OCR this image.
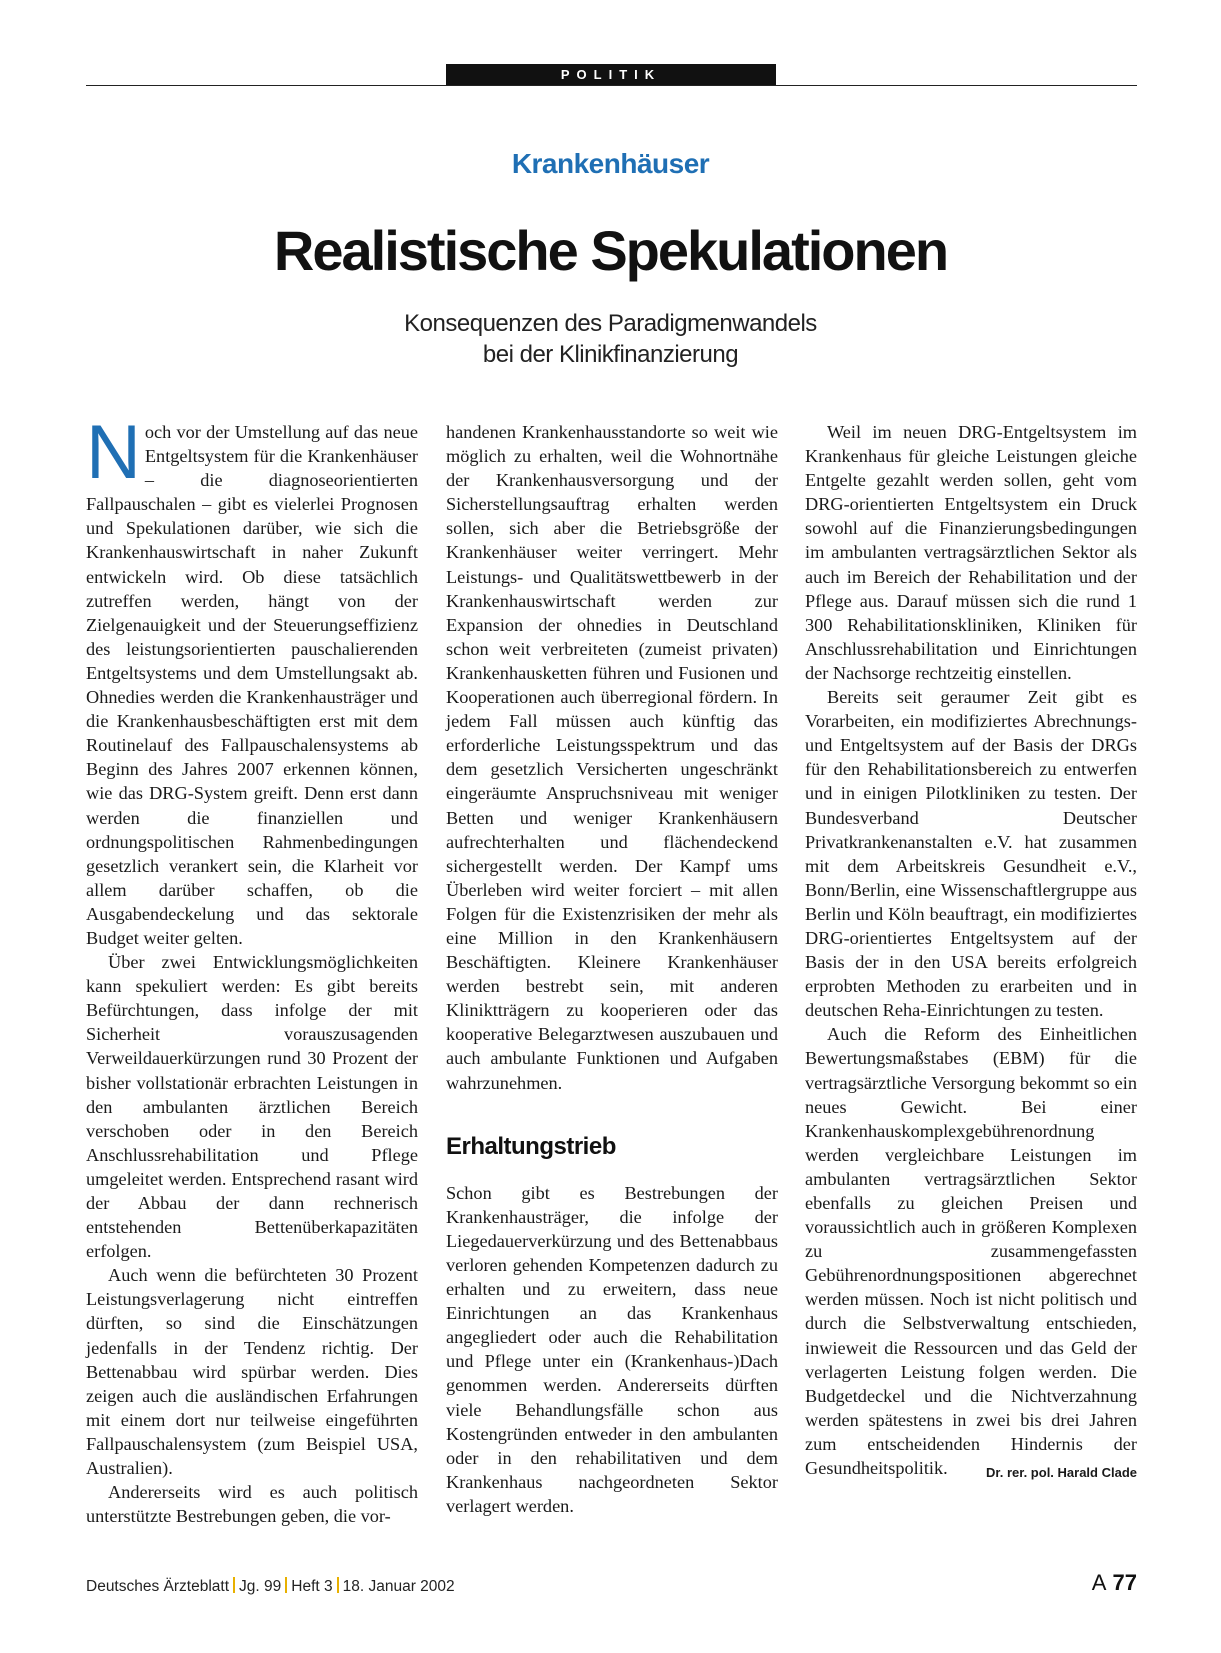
POLITIK
Krankenhäuser
Realistische Spekulationen
Konsequenzen des Paradigmenwandels
bei der Klinikfinanzierung

Noch vor der Umstellung auf das neue Entgeltsystem für die Krankenhäuser – die diagnoseorientierten Fallpauschalen – gibt es vielerlei Prognosen und Spekulationen darüber, wie sich die Krankenhauswirtschaft in naher Zukunft entwickeln wird. Ob diese tatsächlich zutreffen werden, hängt von der Zielgenauigkeit und der Steuerungseffizienz des leistungsorientierten pauschalierenden Entgeltsystems und dem Umstellungsakt ab. Ohnedies werden die Krankenhausträger und die Krankenhausbeschäftigten erst mit dem Routinelauf des Fallpauschalensystems ab Beginn des Jahres 2007 erkennen können, wie das DRG-System greift. Denn erst dann werden die finanziellen und ordnungspolitischen Rahmenbedingungen gesetzlich verankert sein, die Klarheit vor allem darüber schaffen, ob die Ausgabendeckelung und das sektorale Budget weiter gelten.

Über zwei Entwicklungsmöglichkeiten kann spekuliert werden: Es gibt bereits Befürchtungen, dass infolge der mit Sicherheit vorauszusagenden Verweildauerkürzungen rund 30 Prozent der bisher vollstationär erbrachten Leistungen in den ambulanten ärztlichen Bereich verschoben oder in den Bereich Anschlussrehabilitation und Pflege umgeleitet werden. Entsprechend rasant wird der Abbau der dann rechnerisch entstehenden Bettenüberkapazitäten erfolgen.

Auch wenn die befürchteten 30 Prozent Leistungsverlagerung nicht eintreffen dürften, so sind die Einschätzungen jedenfalls in der Tendenz richtig. Der Bettenabbau wird spürbar werden. Dies zeigen auch die ausländischen Erfahrungen mit einem dort nur teilweise eingeführten Fallpauschalensystem (zum Beispiel USA, Australien).

Andererseits wird es auch politisch unterstützte Bestrebungen geben, die vor-

handenen Krankenhausstandorte so weit wie möglich zu erhalten, weil die Wohnortnähe der Krankenhausversorgung und der Sicherstellungsauftrag erhalten werden sollen, sich aber die Betriebsgröße der Krankenhäuser weiter verringert. Mehr Leistungs- und Qualitätswettbewerb in der Krankenhauswirtschaft werden zur Expansion der ohnedies in Deutschland schon weit verbreiteten (zumeist privaten) Krankenhausketten führen und Fusionen und Kooperationen auch überregional fördern. In jedem Fall müssen auch künftig das erforderliche Leistungsspektrum und das dem gesetzlich Versicherten ungeschränkt eingeräumte Anspruchsniveau mit weniger Betten und weniger Krankenhäusern aufrechterhalten und flächendeckend sichergestellt werden. Der Kampf ums Überleben wird weiter forciert – mit allen Folgen für die Existenzrisiken der mehr als eine Million in den Krankenhäusern Beschäftigten. Kleinere Krankenhäuser werden bestrebt sein, mit anderen Kliniktträgern zu kooperieren oder das kooperative Belegarztwesen auszubauen und auch ambulante Funktionen und Aufgaben wahrzunehmen.

Erhaltungstrieb

Schon gibt es Bestrebungen der Krankenhausträger, die infolge der Liegedauerverkürzung und des Bettenabbaus verloren gehenden Kompetenzen dadurch zu erhalten und zu erweitern, dass neue Einrichtungen an das Krankenhaus angegliedert oder auch die Rehabilitation und Pflege unter ein (Krankenhaus-)Dach genommen werden. Andererseits dürften viele Behandlungsfälle schon aus Kostengründen entweder in den ambulanten oder in den rehabilitativen und dem Krankenhaus nachgeordneten Sektor verlagert werden.

Weil im neuen DRG-Entgeltsystem im Krankenhaus für gleiche Leistungen gleiche Entgelte gezahlt werden sollen, geht vom DRG-orientierten Entgeltsystem ein Druck sowohl auf die Finanzierungsbedingungen im ambulanten vertragsärztlichen Sektor als auch im Bereich der Rehabilitation und der Pflege aus. Darauf müssen sich die rund 1 300 Rehabilitationskliniken, Kliniken für Anschlussrehabilitation und Einrichtungen der Nachsorge rechtzeitig einstellen.

Bereits seit geraumer Zeit gibt es Vorarbeiten, ein modifiziertes Abrechnungs- und Entgeltsystem auf der Basis der DRGs für den Rehabilitationsbereich zu entwerfen und in einigen Pilotkliniken zu testen. Der Bundesverband Deutscher Privatkrankenanstalten e.V. hat zusammen mit dem Arbeitskreis Gesundheit e.V., Bonn/Berlin, eine Wissenschaftlergruppe aus Berlin und Köln beauftragt, ein modifiziertes DRG-orientiertes Entgeltsystem auf der Basis der in den USA bereits erfolgreich erprobten Methoden zu erarbeiten und in deutschen Reha-Einrichtungen zu testen.

Auch die Reform des Einheitlichen Bewertungsmaßstabes (EBM) für die vertragsärztliche Versorgung bekommt so ein neues Gewicht. Bei einer Krankenhauskomplexgebührenordnung werden vergleichbare Leistungen im ambulanten vertragsärztlichen Sektor ebenfalls zu gleichen Preisen und voraussichtlich auch in größeren Komplexen zu zusammengefassten Gebührenordnungspositionen abgerechnet werden müssen. Noch ist nicht politisch und durch die Selbstverwaltung entschieden, inwieweit die Ressourcen und das Geld der verlagerten Leistung folgen werden. Die Budgetdeckel und die Nichtverzahnung werden spätestens in zwei bis drei Jahren zum entscheidenden Hindernis der Gesundheitspolitik.	Dr. rer. pol. Harald Clade

Deutsches Ärzteblatt Jg. 99 Heft 3 18. Januar 2002	A 77
